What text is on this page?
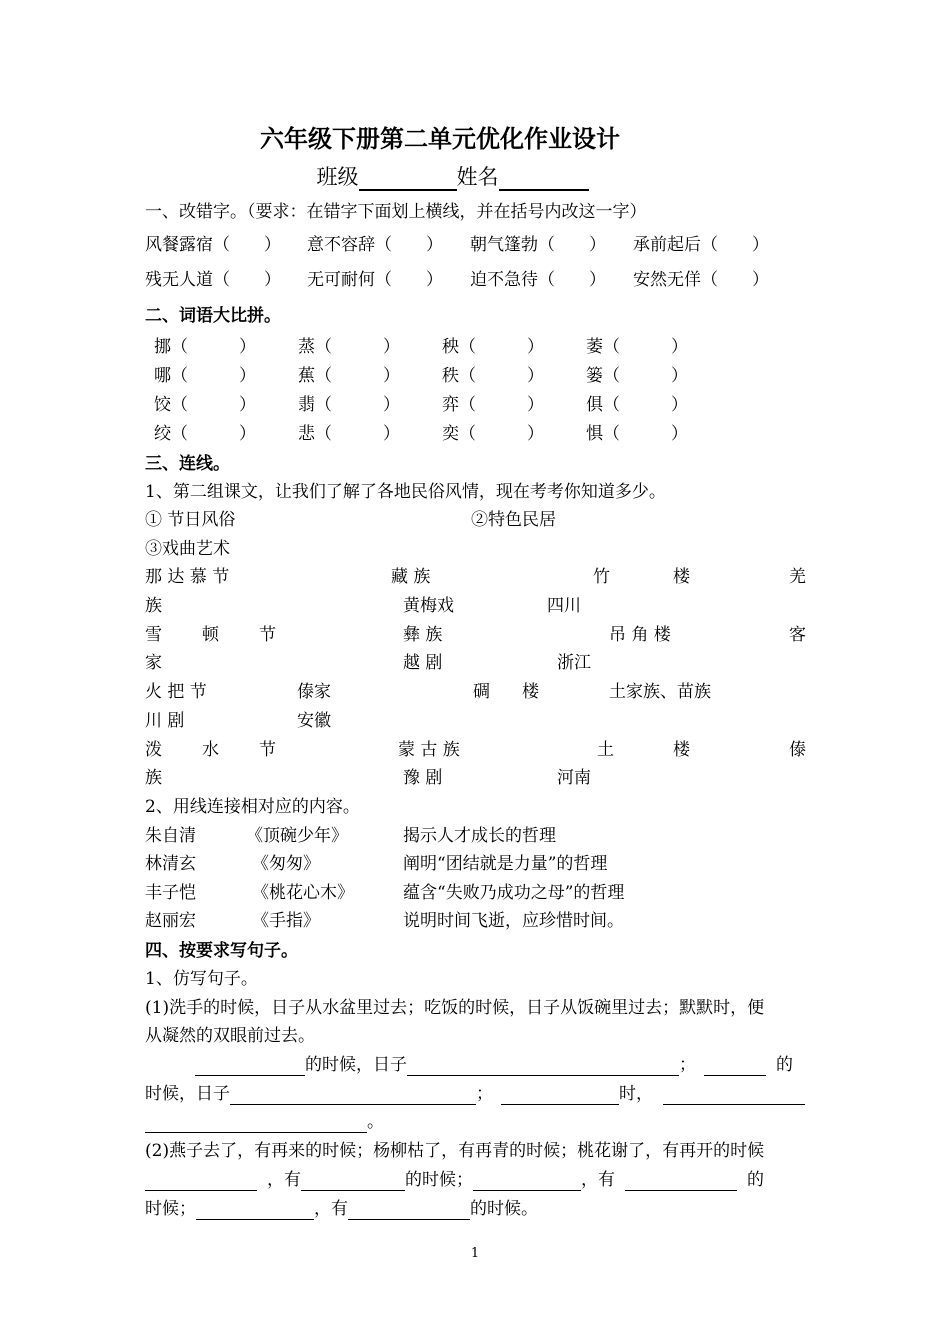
六年级下册第二单元优化作业设计
班级	姓名
一、改错字。（要求：在错字下面划上横线，并在括号内改这一字）
风餐露宿（　　） 意不容辞（　　） 朝气篷勃（　　） 承前起后（　　）
残无人道（　　） 无可耐何（　　） 迫不急待（　　） 安然无佯（　　）
二、词语大比拼。
挪（　　　） 蒸（　　　） 秧（　　　） 萎（　　　）
哪（　　　） 蕉（　　　） 秩（　　　） 篓（　　　）
饺（　　　） 翡（　　　） 弈（　　　） 俱（　　　）
绞（　　　） 悲（　　　） 奕（　　　） 惧（　　　）
三、连线。
1、第二组课文，让我们了解了各地民俗风情，现在考考你知道多少。
① 节日风俗	②特色民居
③戏曲艺术
那 达 慕 节	藏 族	竹	楼	羌
族	黄梅戏	四川
雪 顿 节	彝 族	吊 角 楼	客
家	越 剧	浙江
火 把 节	傣家	碉 楼	土家族、苗族
川 剧	安徽
泼 水 节	蒙 古 族	土	楼	傣
族	豫 剧	河南
2、用线连接相对应的内容。
朱自清	《顶碗少年》	揭示人才成长的哲理
林清玄	《匆匆》	阐明“团结就是力量”的哲理
丰子恺	《桃花心木》	蕴含“失败乃成功之母”的哲理
赵丽宏	《手指》	说明时间飞逝，应珍惜时间。
四、按要求写句子。
1、仿写句子。
(1)洗手的时候，日子从水盆里过去；吃饭的时候，日子从饭碗里过去；默默时，便
从凝然的双眼前过去。
的时候，日子	；	的
时候，日子	；	时，
。
(2)燕子去了，有再来的时候；杨柳枯了，有再青的时候；桃花谢了，有再开的时候
，有	的时候；	，有	的
时候；	，有	的时候。
1
